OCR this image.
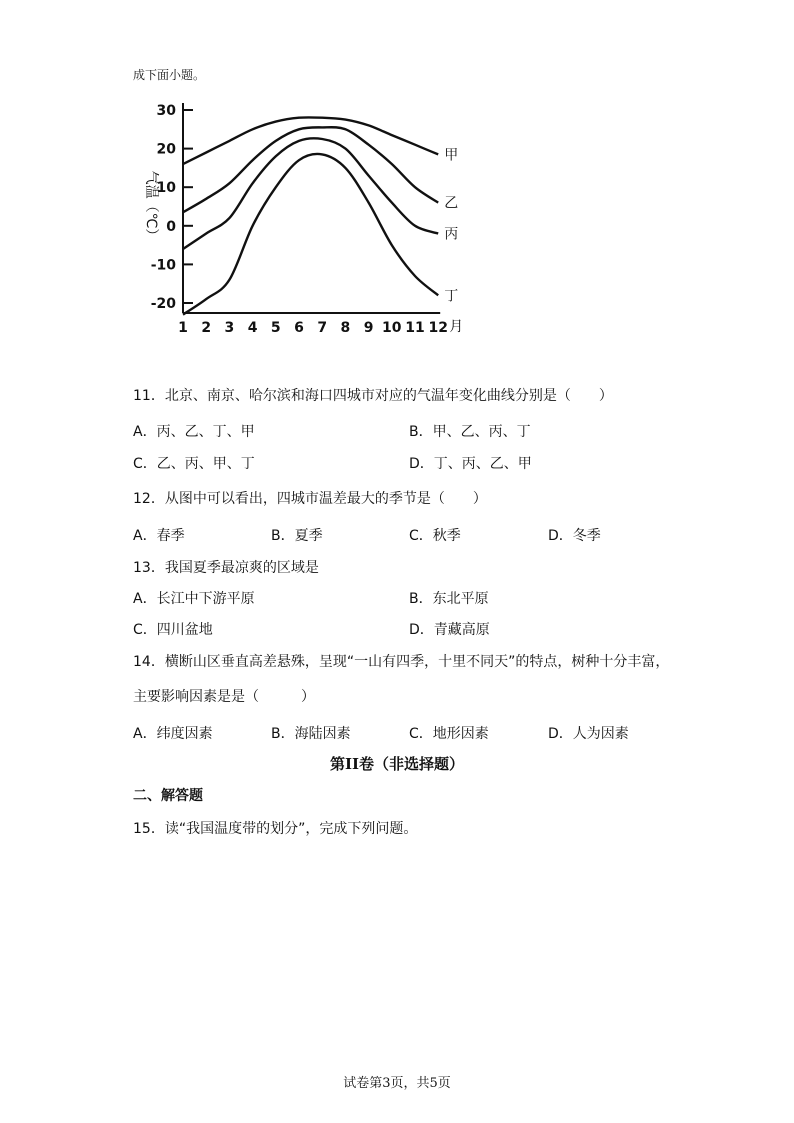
成下面小题。
30
20
10
0
-10
-20
1 2 3 4 5 6 7 8 9 10 11 12 月
气温（℃）
甲
乙
丙
丁
11．北京、南京、哈尔滨和海口四城市对应的气温年变化曲线分别是（　　）
A．丙、乙、丁、甲	B．甲、乙、丙、丁
C．乙、丙、甲、丁	D．丁、丙、乙、甲
12．从图中可以看出，四城市温差最大的季节是（　　）
A．春季	B．夏季	C．秋季	D．冬季
13．我国夏季最凉爽的区域是
A．长江中下游平原	B．东北平原
C．四川盆地	D．青藏高原
14．横断山区垂直高差悬殊，呈现“一山有四季，十里不同天”的特点，树种十分丰富，
主要影响因素是是（　　　）
A．纬度因素	B．海陆因素	C．地形因素	D．人为因素
第II卷（非选择题）
二、解答题
15．读“我国温度带的划分”，完成下列问题。
试卷第3页，共5页
